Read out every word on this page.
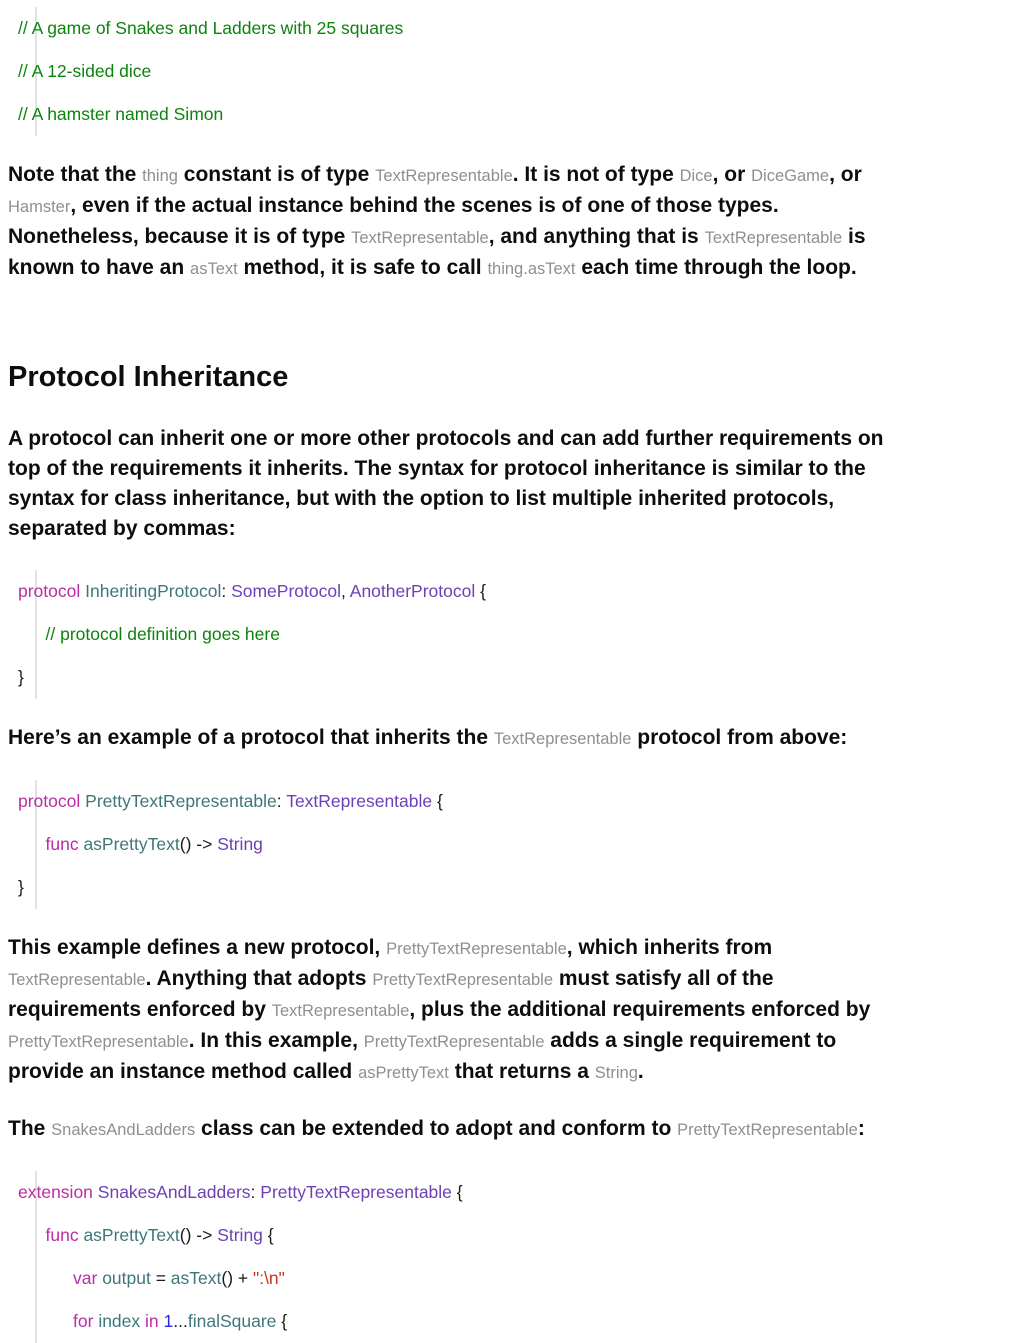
// A game of Snakes and Ladders with 25 squares
// A 12-sided dice
// A hamster named Simon
Note that the thing constant is of type TextRepresentable. It is not of type Dice, or DiceGame, or
Hamster, even if the actual instance behind the scenes is of one of those types.
Nonetheless, because it is of type TextRepresentable, and anything that is TextRepresentable is
known to have an asText method, it is safe to call thing.asText each time through the loop.
Protocol Inheritance
A protocol can inherit one or more other protocols and can add further requirements on
top of the requirements it inherits. The syntax for protocol inheritance is similar to the
syntax for class inheritance, but with the option to list multiple inherited protocols,
separated by commas:
protocol InheritingProtocol: SomeProtocol, AnotherProtocol {
// protocol definition goes here
}
Here’s an example of a protocol that inherits the TextRepresentable protocol from above:
protocol PrettyTextRepresentable: TextRepresentable {
func asPrettyText() -> String
}
This example defines a new protocol, PrettyTextRepresentable, which inherits from
TextRepresentable. Anything that adopts PrettyTextRepresentable must satisfy all of the
requirements enforced by TextRepresentable, plus the additional requirements enforced by
PrettyTextRepresentable. In this example, PrettyTextRepresentable adds a single requirement to
provide an instance method called asPrettyText that returns a String.
The SnakesAndLadders class can be extended to adopt and conform to PrettyTextRepresentable:
extension SnakesAndLadders: PrettyTextRepresentable {
func asPrettyText() -> String {
var output = asText() + ":\n"
for index in 1...finalSquare {
